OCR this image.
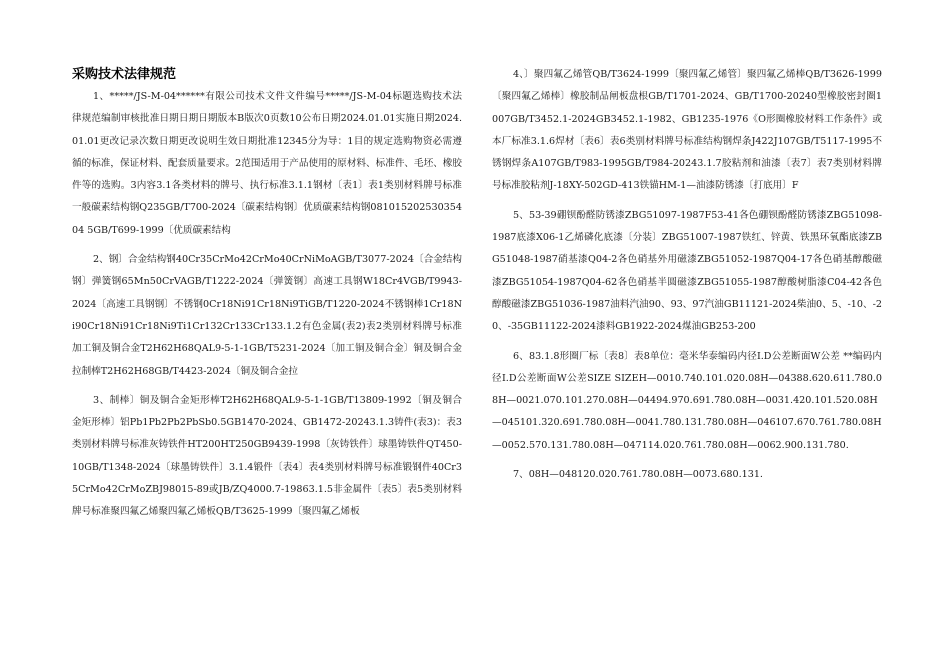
采购技术法律规范

1、*****/JS-M-04******有限公司技术文件文件编号*****/JS-M-04标题选购技术法律规范编制审核批准日期日期日期版本B版次0页数10公布日期2024.01.01实施日期2024.01.01更改记录次数日期更改说明生效日期批准12345分为导：1目的规定选购物资必需遵循的标准，保证材料、配套质量要求。2范围适用于产品使用的原材料、标准件、毛坯、橡胶件等的选购。3内容3.1各类材料的牌号、执行标准3.1.1钢材〔表1〕表1类别材料牌号标准一般碳素结构钢Q235GB/T700-2024〔碳素结构钢〕优质碳素结构钢08101520253035404 5GB/T699-1999〔优质碳素结构

2、钢〕合金结构钢40Cr35CrMo42CrMo40CrNiMoAGB/T3077-2024〔合金结构钢〕弹簧钢65Mn50CrVAGB/T1222-2024〔弹簧钢〕高速工具钢W18Cr4VGB/T9943-2024〔高速工具钢钢〕不锈钢0Cr18Ni91Cr18Ni9TiGB/T1220-2024不锈钢棒1Cr18Ni90Cr18Ni91Cr18Ni9Ti1Cr132Cr133Cr133.1.2有色金属(表2)表2类别材料牌号标准加工铜及铜合金T2H62H68QAL9-5-1-1GB/T5231-2024〔加工铜及铜合金〕铜及铜合金拉制棒T2H62H68GB/T4423-2024〔铜及铜合金拉

3、制棒〕铜及铜合金矩形棒T2H62H68QAL9-5-1-1GB/T13809-1992〔铜及铜合金矩形棒〕铝Pb1Pb2Pb2PbSb0.5GB1470-2024、GB1472-20243.1.3铸件(表3)：表3类别材料牌号标准灰铸铁件HT200HT250GB9439-1998〔灰铸铁件〕球墨铸铁件QT450-10GB/T1348-2024〔球墨铸铁件〕3.1.4锻件〔表4〕表4类别材料牌号标准锻钢件40Cr35CrMo42CrMoZBJ98015-89或JB/ZQ4000.7-19863.1.5非金属件〔表5〕表5类别材料牌号标准聚四氟乙烯聚四氟乙烯板QB/T3625-1999〔聚四氟乙烯板

4、〕聚四氟乙烯管QB/T3624-1999〔聚四氟乙烯管〕聚四氟乙烯棒QB/T3626-1999〔聚四氟乙烯棒〕橡胶制品闸板盘根GB/T1701-2024、GB/T1700-20240型橡胶密封圈1007GB/T3452.1-2024GB3452.1-1982、GB1235-1976《O形圈橡胶材料工作条件》或本厂标准3.1.6焊材〔表6〕表6类别材料牌号标准结构钢焊条J422J107GB/T5117-1995不锈钢焊条A107GB/T983-1995GB/T984-20243.1.7胶粘剂和油漆〔表7〕表7类别材料牌号标准胶粘剂J-18XY-502GD-413铁锚HM-1—油漆防锈漆〔打底用〕F

5、53-39硼钡酚醛防锈漆ZBG51097-1987F53-41各色硼钡酚醛防锈漆ZBG51098-1987底漆X06-1乙烯磷化底漆〔分装〕ZBG51007-1987铁红、锌黄、铁黑环氧酯底漆ZBG51048-1987硝基漆Q04-2各色硝基外用磁漆ZBG51052-1987Q04-17各色硝基醇酸磁漆ZBG51054-1987Q04-62各色硝基半圆磁漆ZBG51055-1987醇酸树脂漆C04-42各色醇酸磁漆ZBG51036-1987油料汽油90、93、97汽油GB11121-2024柴油0、5、-10、-20、-35GB11122-2024漆料GB1922-2024煤油GB253-200

6、83.1.8形圈厂标〔表8〕表8单位：毫米华泰编码内径I.D公差断面W公差 **编码内径I.D公差断面W公差SIZE SIZEH—0010.740.101.020.08H—04388.620.611.780.08H—0021.070.101.270.08H—04494.970.691.780.08H—0031.420.101.520.08H—045101.320.691.780.08H—0041.780.131.780.08H—046107.670.761.780.08H—0052.570.131.780.08H—047114.020.761.780.08H—0062.900.131.780.

7、08H—048120.020.761.780.08H—0073.680.131.
